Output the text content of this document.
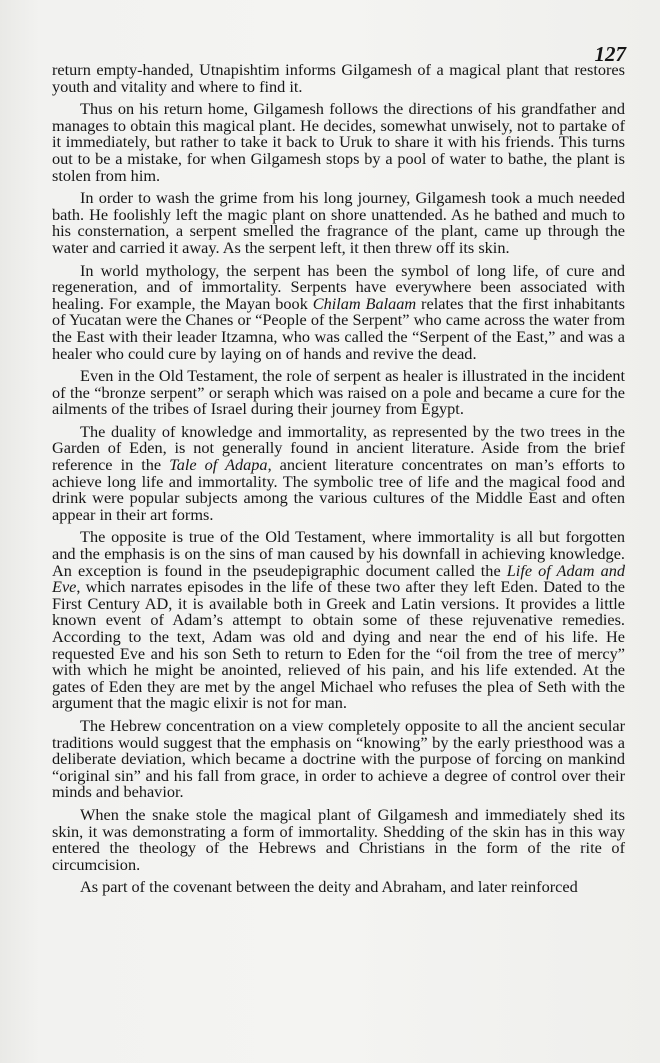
127

return empty-handed, Utnapishtim informs Gilgamesh of a magical plant that restores youth and vitality and where to find it.

Thus on his return home, Gilgamesh follows the directions of his grandfather and manages to obtain this magical plant. He decides, somewhat unwisely, not to partake of it immediately, but rather to take it back to Uruk to share it with his friends. This turns out to be a mistake, for when Gilgamesh stops by a pool of water to bathe, the plant is stolen from him.

In order to wash the grime from his long journey, Gilgamesh took a much needed bath. He foolishly left the magic plant on shore unattended. As he bathed and much to his consternation, a serpent smelled the fragrance of the plant, came up through the water and carried it away. As the serpent left, it then threw off its skin.

In world mythology, the serpent has been the symbol of long life, of cure and regeneration, and of immortality. Serpents have everywhere been associated with healing. For example, the Mayan book Chilam Balaam relates that the first inhabitants of Yucatan were the Chanes or “People of the Serpent” who came across the water from the East with their leader Itzamna, who was called the “Serpent of the East,” and was a healer who could cure by laying on of hands and revive the dead.

Even in the Old Testament, the role of serpent as healer is illustrated in the incident of the “bronze serpent” or seraph which was raised on a pole and became a cure for the ailments of the tribes of Israel during their journey from Egypt.

The duality of knowledge and immortality, as represented by the two trees in the Garden of Eden, is not generally found in ancient literature. Aside from the brief reference in the Tale of Adapa, ancient literature concentrates on man’s efforts to achieve long life and immortality. The symbolic tree of life and the magical food and drink were popular subjects among the various cultures of the Middle East and often appear in their art forms.

The opposite is true of the Old Testament, where immortality is all but forgotten and the emphasis is on the sins of man caused by his downfall in achieving knowledge. An exception is found in the pseudepigraphic document called the Life of Adam and Eve, which narrates episodes in the life of these two after they left Eden. Dated to the First Century AD, it is available both in Greek and Latin versions. It provides a little known event of Adam’s attempt to obtain some of these rejuvenative remedies. According to the text, Adam was old and dying and near the end of his life. He requested Eve and his son Seth to return to Eden for the “oil from the tree of mercy” with which he might be anointed, relieved of his pain, and his life extended. At the gates of Eden they are met by the angel Michael who refuses the plea of Seth with the argument that the magic elixir is not for man.

The Hebrew concentration on a view completely opposite to all the ancient secular traditions would suggest that the emphasis on “knowing” by the early priesthood was a deliberate deviation, which became a doctrine with the purpose of forcing on mankind “original sin” and his fall from grace, in order to achieve a degree of control over their minds and behavior.

When the snake stole the magical plant of Gilgamesh and immediately shed its skin, it was demonstrating a form of immortality. Shedding of the skin has in this way entered the theology of the Hebrews and Christians in the form of the rite of circumcision.

As part of the covenant between the deity and Abraham, and later reinforced
